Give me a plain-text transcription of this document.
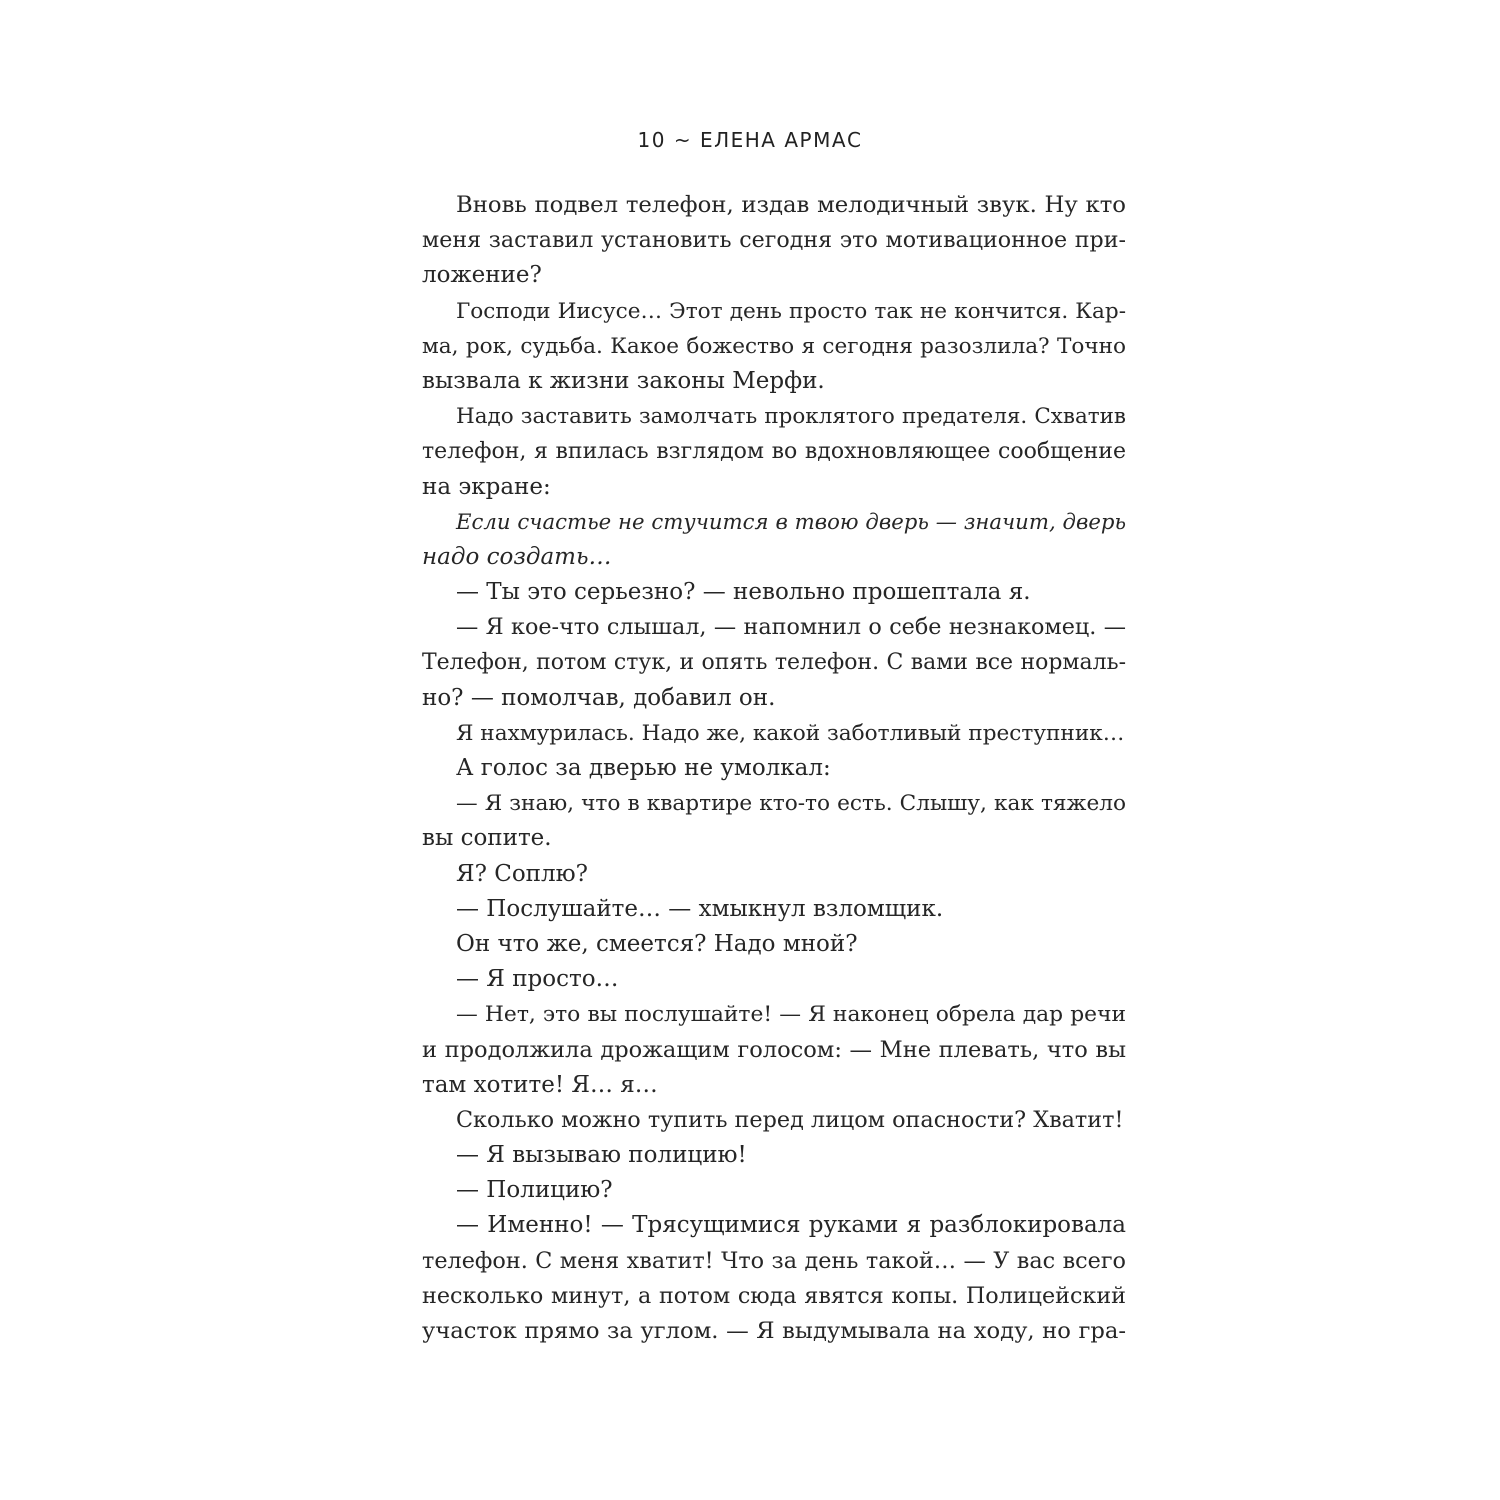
10 ~ ЕЛЕНА АРМАС
Вновь подвел телефон, издав мелодичный звук. Ну кто
меня заставил установить сегодня это мотивационное при-
ложение?
Господи Иисусе… Этот день просто так не кончится. Кар-
ма, рок, судьба. Какое божество я сегодня разозлила? Точно
вызвала к жизни законы Мерфи.
Надо заставить замолчать проклятого предателя. Схватив
телефон, я впилась взглядом во вдохновляющее сообщение
на экране:
Если счастье не стучится в твою дверь — значит, дверь
надо создать…
— Ты это серьезно? — невольно прошептала я.
— Я кое-что слышал, — напомнил о себе незнакомец. —
Телефон, потом стук, и опять телефон. С вами все нормаль-
но? — помолчав, добавил он.
Я нахмурилась. Надо же, какой заботливый преступник…
А голос за дверью не умолкал:
— Я знаю, что в квартире кто-то есть. Слышу, как тяжело
вы сопите.
Я? Соплю?
— Послушайте… — хмыкнул взломщик.
Он что же, смеется? Надо мной?
— Я просто…
— Нет, это вы послушайте! — Я наконец обрела дар речи
и продолжила дрожащим голосом: — Мне плевать, что вы
там хотите! Я… я…
Сколько можно тупить перед лицом опасности? Хватит!
— Я вызываю полицию!
— Полицию?
— Именно! — Трясущимися руками я разблокировала
телефон. С меня хватит! Что за день такой… — У вас всего
несколько минут, а потом сюда явятся копы. Полицейский
участок прямо за углом. — Я выдумывала на ходу, но гра-
